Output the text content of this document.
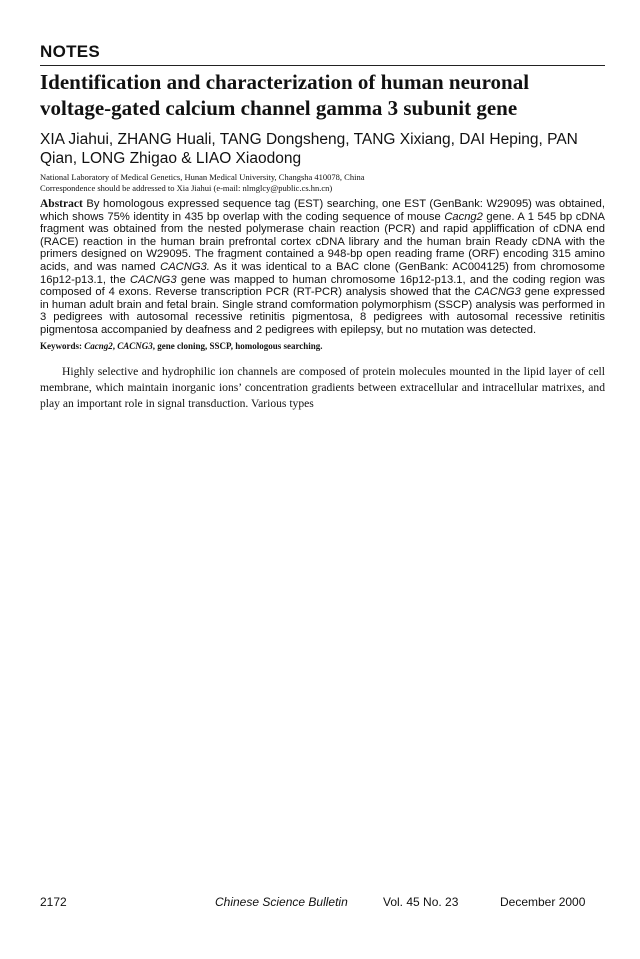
NOTES
Identification and characterization of human neuronal voltage-gated calcium channel gamma 3 subunit gene
XIA Jiahui, ZHANG Huali, TANG Dongsheng, TANG Xixiang, DAI Heping, PAN Qian, LONG Zhigao & LIAO Xiaodong
National Laboratory of Medical Genetics, Hunan Medical University, Changsha 410078, China
Correspondence should be addressed to Xia Jiahui (e-mail: nlmglcy@public.cs.hn.cn)

Abstract By homologous expressed sequence tag (EST) searching, one EST (GenBank: W29095) was obtained, which shows 75% identity in 435 bp overlap with the coding sequence of mouse Cacng2 gene. A 1 545 bp cDNA fragment was obtained from the nested polymerase chain reaction (PCR) and rapid appliffication of cDNA end (RACE) reaction in the human brain prefrontal cortex cDNA library and the human brain Ready cDNA with the primers designed on W29095. The fragment contained a 948-bp open reading frame (ORF) encoding 315 amino acids, and was named CACNG3. As it was identical to a BAC clone (GenBank: AC004125) from chromosome 16p12-p13.1, the CACNG3 gene was mapped to human chromosome 16p12-p13.1, and the coding region was composed of 4 exons. Reverse transcription PCR (RT-PCR) analysis showed that the CACNG3 gene expressed in human adult brain and fetal brain. Single strand comformation polymorphism (SSCP) analysis was performed in 3 pedigrees with autosomal recessive retinitis pigmentosa, 8 pedigrees with autosomal recessive retinitis pigmentosa accompanied by deafness and 2 pedigrees with epilepsy, but no mutation was detected.

Keywords: Cacng2, CACNG3, gene cloning, SSCP, homologous searching.

Highly selective and hydrophilic ion channels are composed of protein molecules mounted in the lipid layer of cell membrane, which maintain inorganic ions’ concentration gradients between extracellular and intracellular matrixes, and play an important role in signal transduction. Various types

2172	Chinese Science Bulletin	Vol. 45 No. 23	December 2000
